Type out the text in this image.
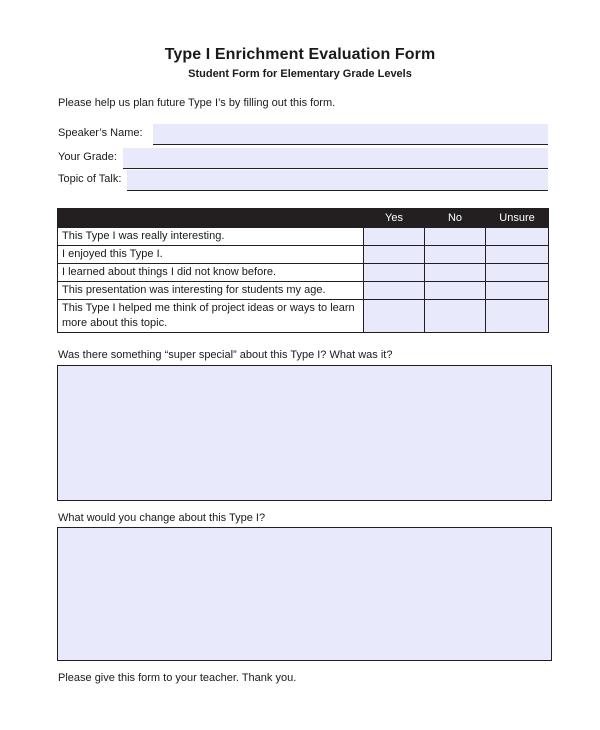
Type I Enrichment Evaluation Form
Student Form for Elementary Grade Levels
Please help us plan future Type I’s by filling out this form.
Speaker’s Name:
Your Grade:
Topic of Talk:
	Yes	No	Unsure
This Type I was really interesting.			
I enjoyed this Type I.			
I learned about things I did not know before.			
This presentation was interesting for students my age.			
This Type I helped me think of project ideas or ways to learn more about this topic.			
Was there something “super special” about this Type I? What was it?
What would you change about this Type I?
Please give this form to your teacher. Thank you.
